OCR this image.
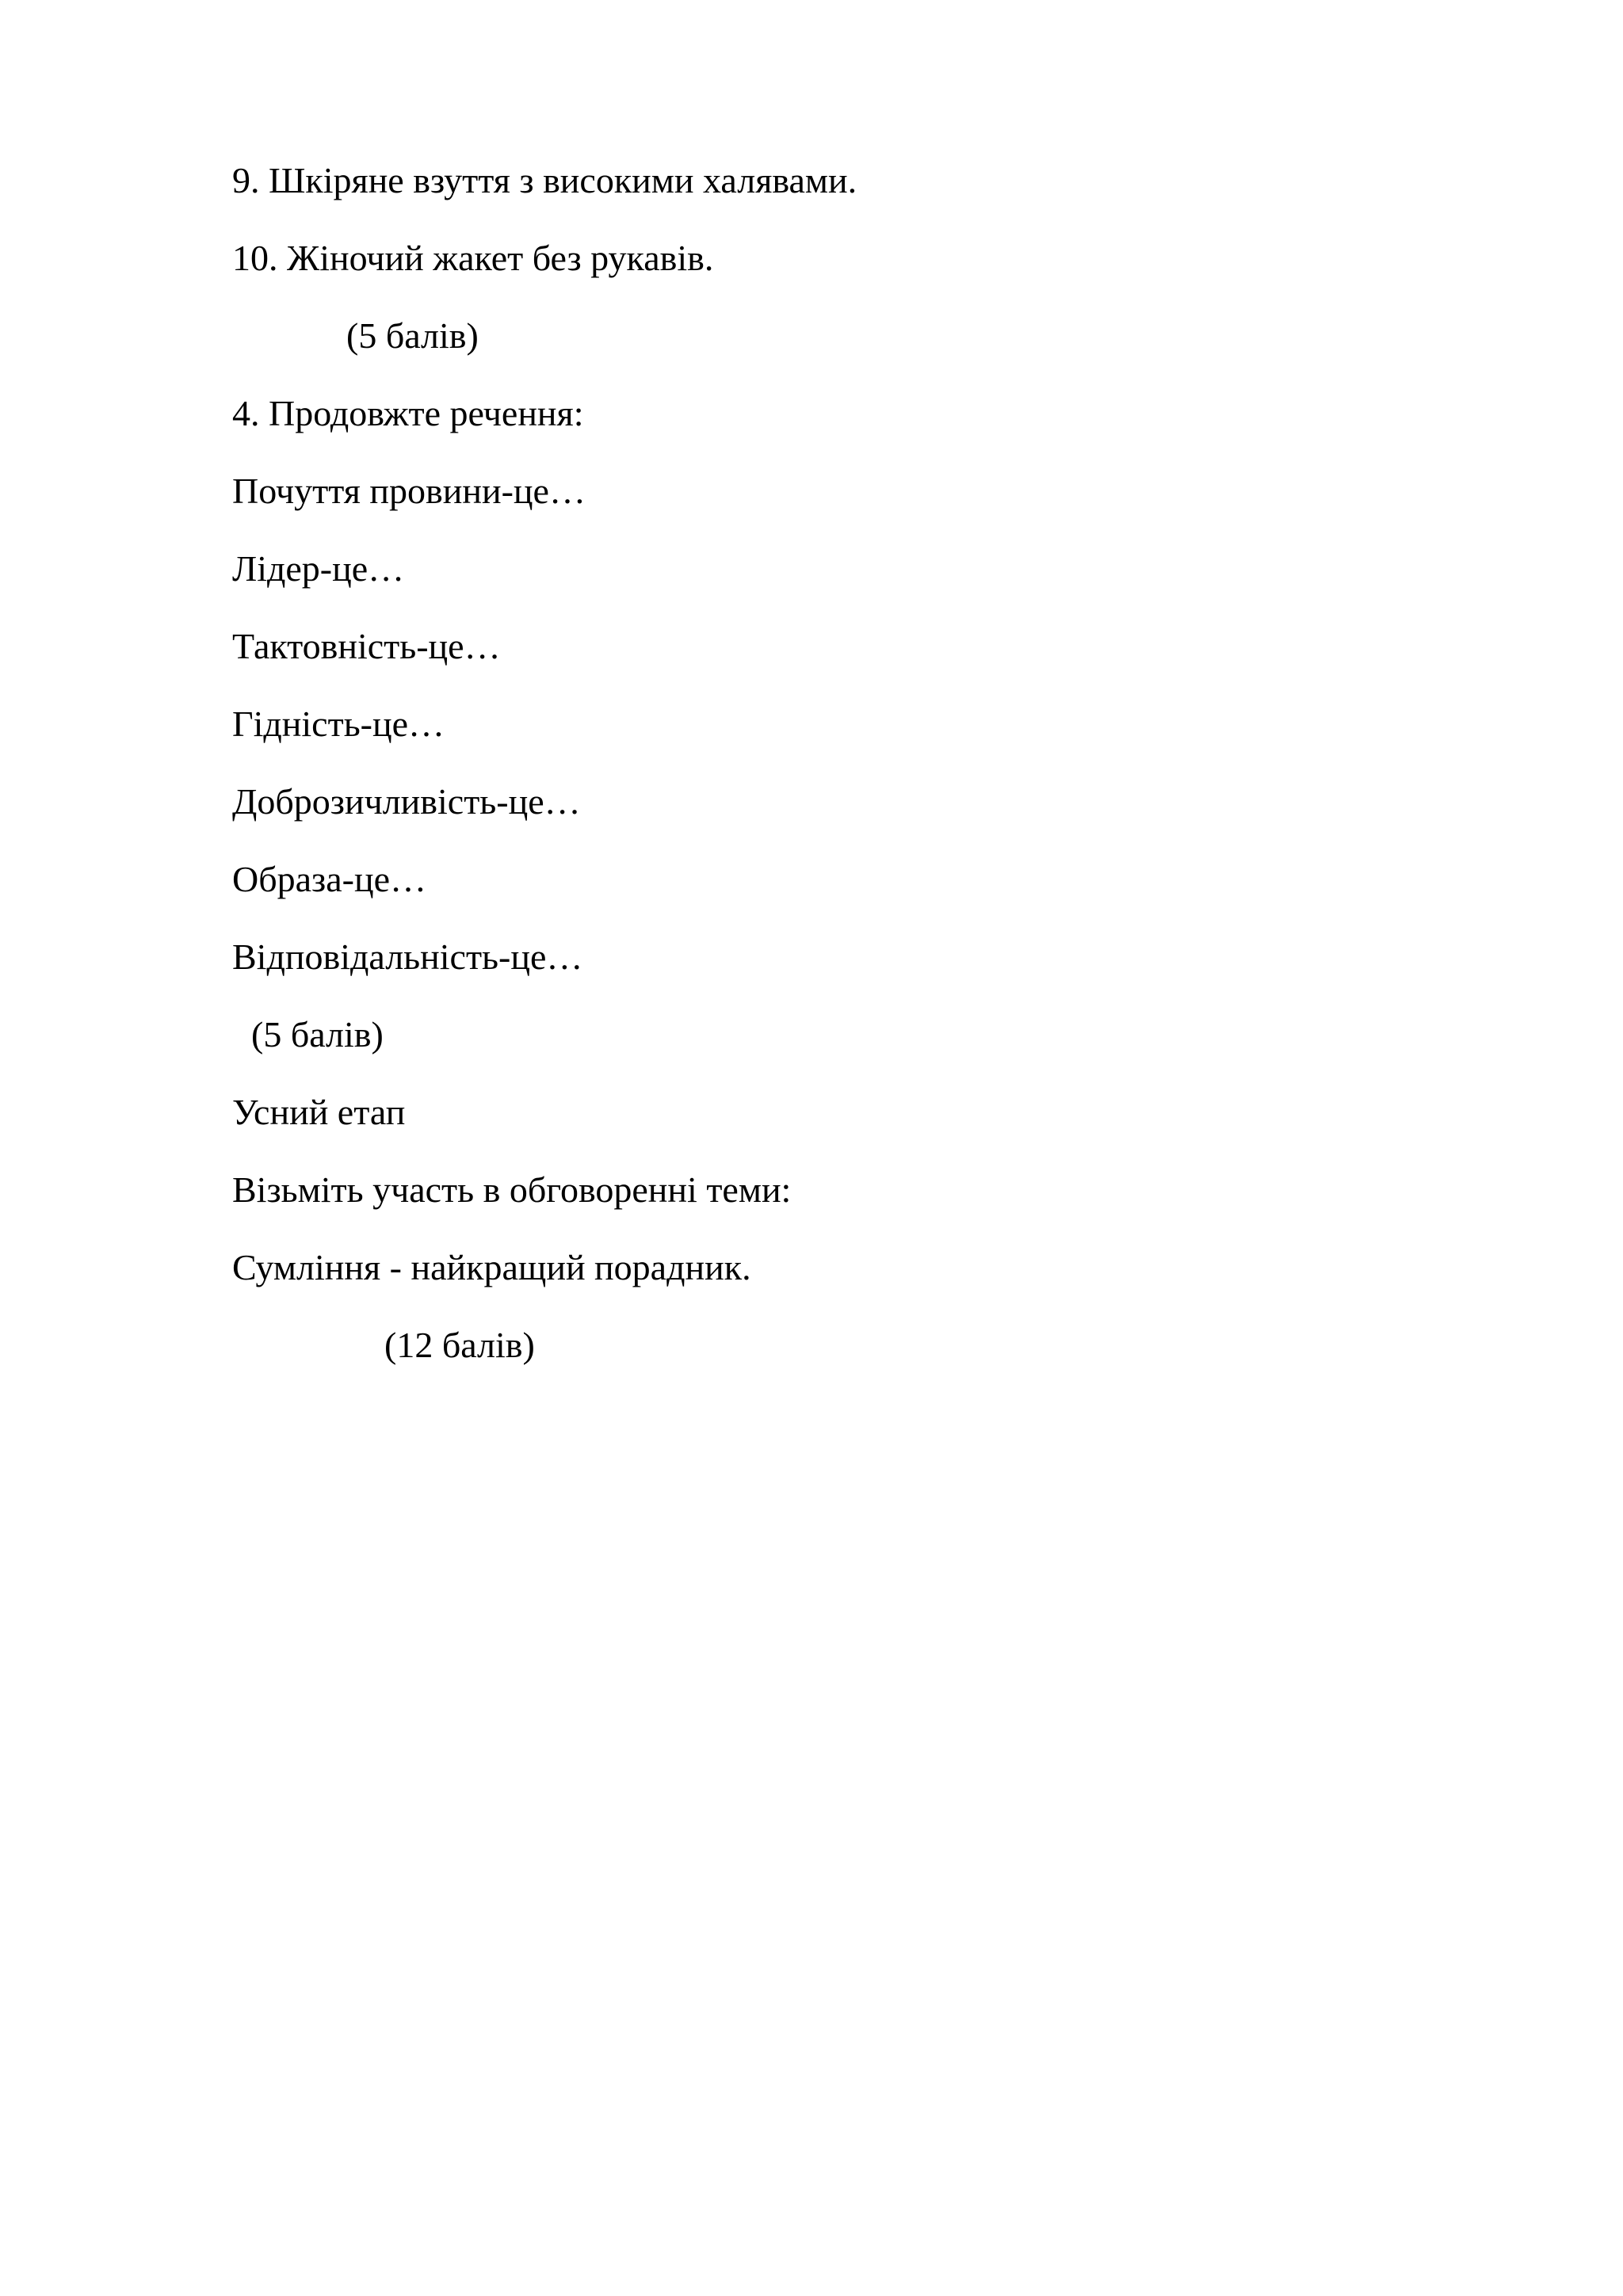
9. Шкіряне взуття з високими халявами.
10. Жіночий жакет без рукавів.
(5 балів)
4. Продовжте речення:
Почуття провини-це…
Лідер-це…
Тактовність-це…
Гідність-це…
Доброзичливість-це…
Образа-це…
Відповідальність-це…
(5 балів)
Усний етап
Візьміть участь в обговоренні теми:
Сумління - найкращий порадник.
(12 балів)
